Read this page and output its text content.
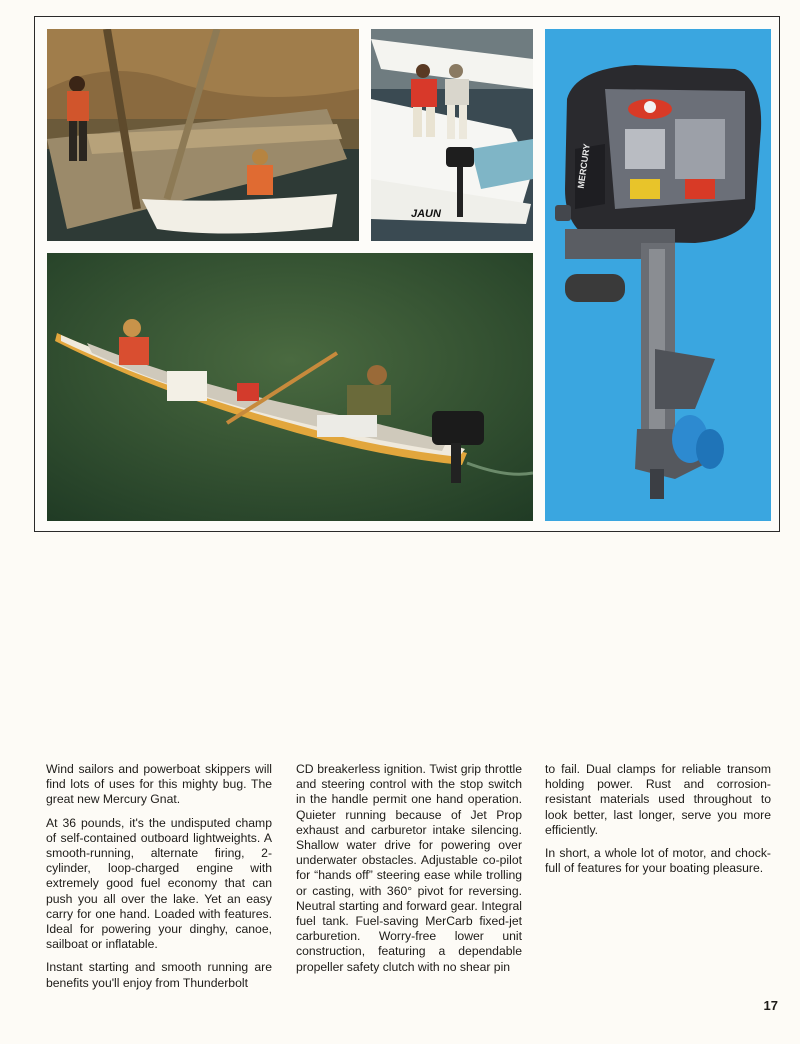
JAUN
MERCURY

Wind sailors and powerboat skippers will find lots of uses for this mighty bug. The great new Mercury Gnat.

At 36 pounds, it's the undisputed champ of self-contained outboard lightweights. A smooth-running, alternate firing, 2-cylinder, loop-charged engine with extremely good fuel economy that can push you all over the lake. Yet an easy carry for one hand. Loaded with features. Ideal for powering your dinghy, canoe, sailboat or inflatable.

Instant starting and smooth running are benefits you'll enjoy from Thunderbolt

CD breakerless ignition. Twist grip throttle and steering control with the stop switch in the handle permit one hand operation. Quieter running because of Jet Prop exhaust and carburetor intake silencing. Shallow water drive for powering over underwater obstacles. Adjustable co-pilot for “hands off” steering ease while trolling or casting, with 360° pivot for reversing. Neutral starting and forward gear. Integral fuel tank. Fuel-saving MerCarb fixed-jet carburetion. Worry-free lower unit construction, featuring a dependable propeller safety clutch with no shear pin

to fail. Dual clamps for reliable transom holding power. Rust and corrosion-resistant materials used throughout to look better, last longer, serve you more efficiently.

In short, a whole lot of motor, and chock-full of features for your boating pleasure.

17
